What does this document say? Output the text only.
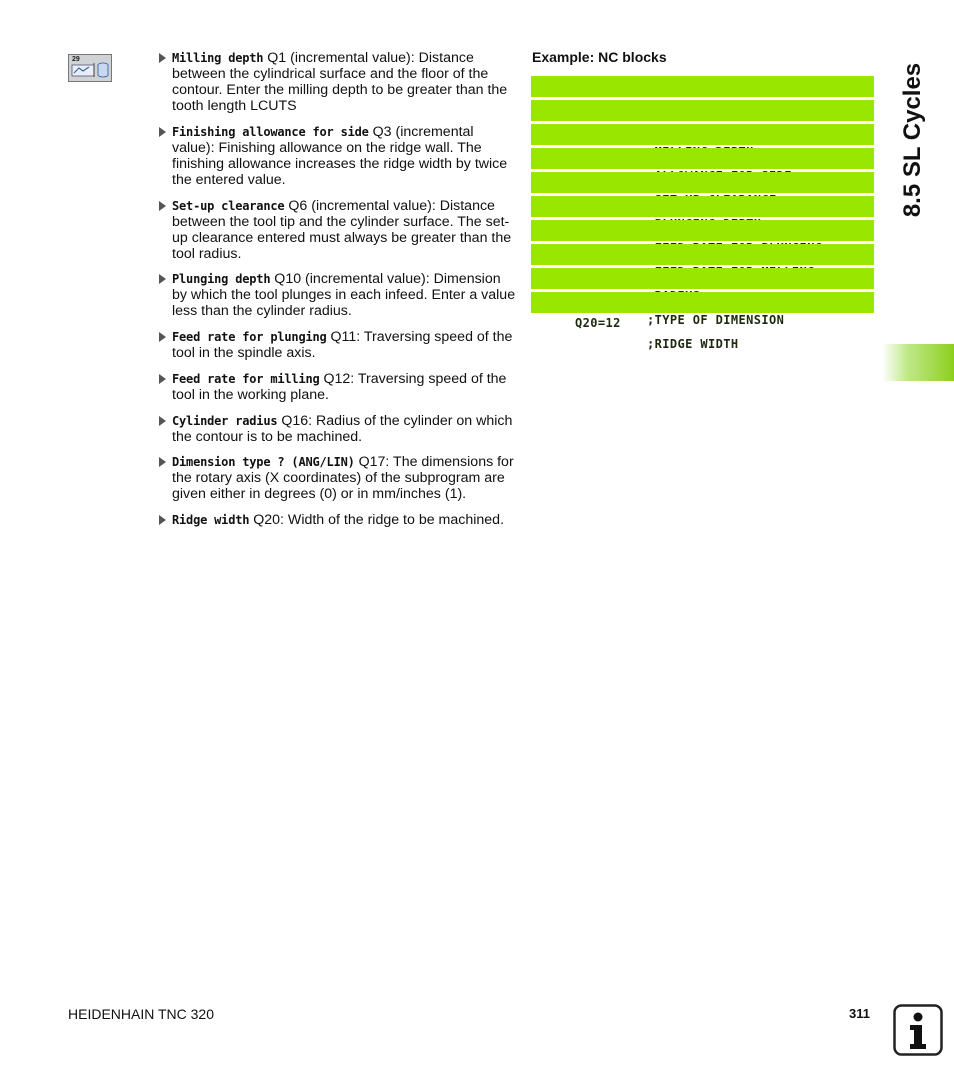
29	Milling depth Q1 (incremental value): Distance between the cylindrical surface and the floor of the contour. Enter the milling depth to be greater than the tooth length LCUTS
Finishing allowance for side Q3 (incremental value): Finishing allowance on the ridge wall. The finishing allowance increases the ridge width by twice the entered value.
Set-up clearance Q6 (incremental value): Distance between the tool tip and the cylinder surface. The set-up clearance entered must always be greater than the tool radius.
Plunging depth Q10 (incremental value): Dimension by which the tool plunges in each infeed. Enter a value less than the cylinder radius.
Feed rate for plunging Q11: Traversing speed of the tool in the spindle axis.
Feed rate for milling Q12: Traversing speed of the tool in the working plane.
Cylinder radius Q16: Radius of the cylinder on which the contour is to be machined.
Dimension type ? (ANG/LIN) Q17: The dimensions for the rotary axis (X coordinates) of the subprogram are given either in degrees (0) or in mm/inches (1).
Ridge width Q20: Width of the ridge to be machined.
Example: NC blocks

;TYPE OF DIMENSION

Q20=12

;RIDGE WIDTH

8.5 SL Cycles
HEIDENHAIN TNC 320	311
